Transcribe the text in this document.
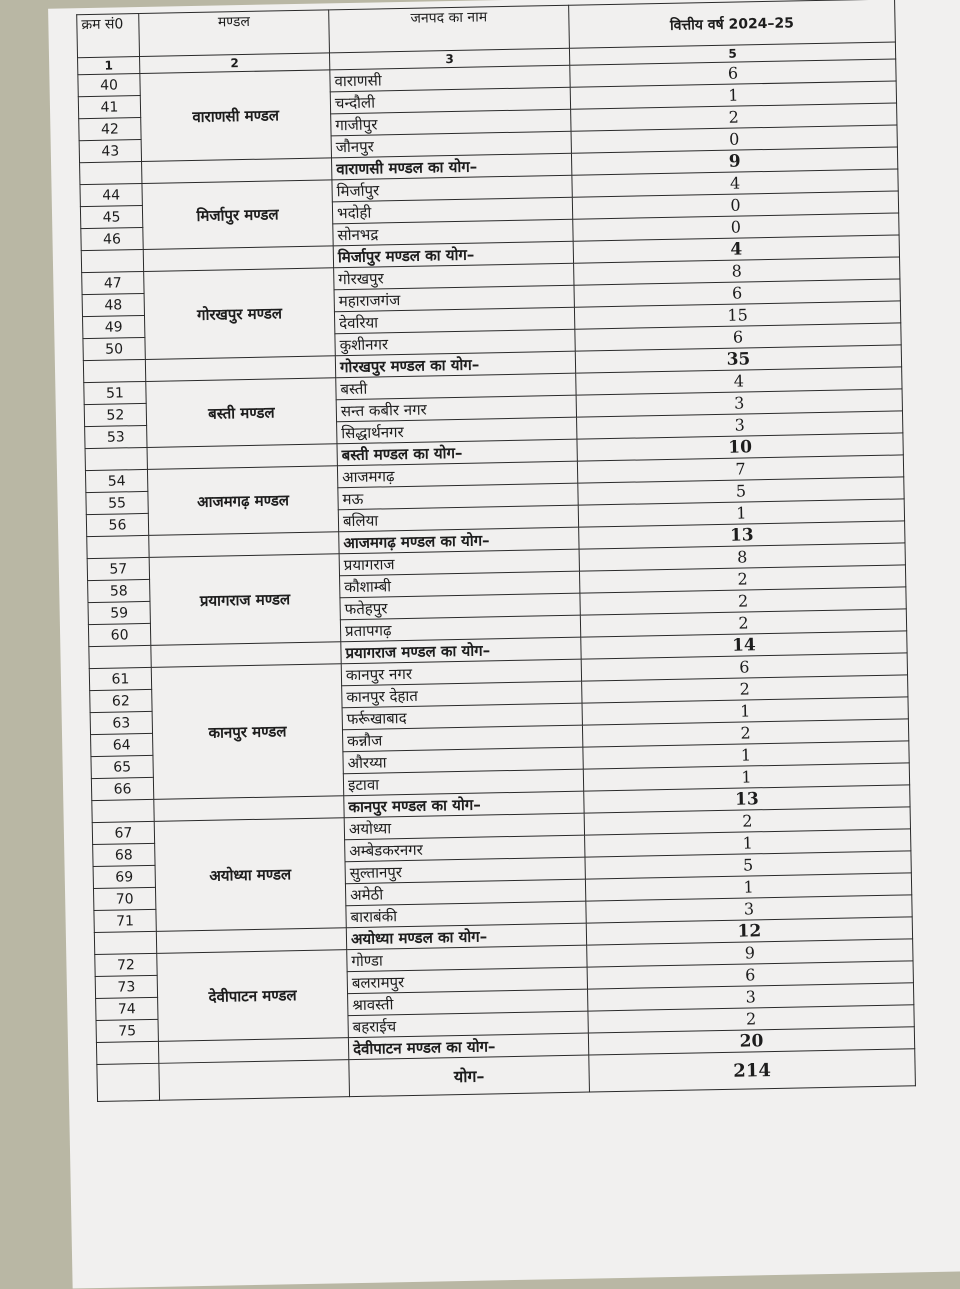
क्रम सं0	मण्डल	जनपद का नाम	वित्तीय वर्ष 2024–25
1	2	3	5
40	वाराणसी मण्डल	वाराणसी	6
41		चन्दौली	1
42		गाजीपुर	2
43		जौनपुर	0
		वाराणसी मण्डल का योग–	9
44	मिर्जापुर मण्डल	मिर्जापुर	4
45		भदोही	0
46		सोनभद्र	0
		मिर्जापुर मण्डल का योग–	4
47	गोरखपुर मण्डल	गोरखपुर	8
48		महाराजगंज	6
49		देवरिया	15
50		कुशीनगर	6
		गोरखपुर मण्डल का योग–	35
51	बस्ती मण्डल	बस्ती	4
52		सन्त कबीर नगर	3
53		सिद्धार्थनगर	3
		बस्ती मण्डल का योग–	10
54	आजमगढ़ मण्डल	आजमगढ़	7
55		मऊ	5
56		बलिया	1
		आजमगढ़ मण्डल का योग–	13
57	प्रयागराज मण्डल	प्रयागराज	8
58		कौशाम्बी	2
59		फतेहपुर	2
60		प्रतापगढ़	2
		प्रयागराज मण्डल का योग–	14
61	कानपुर मण्डल	कानपुर नगर	6
62		कानपुर देहात	2
63		फर्रूखाबाद	1
64		कन्नौज	2
65		औरय्या	1
66		इटावा	1
		कानपुर मण्डल का योग–	13
67	अयोध्या मण्डल	अयोध्या	2
68		अम्बेडकरनगर	1
69		सुल्तानपुर	5
70		अमेठी	1
71		बाराबंकी	3
		अयोध्या मण्डल का योग–	12
72	देवीपाटन मण्डल	गोण्डा	9
73		बलरामपुर	6
74		श्रावस्ती	3
75		बहराईच	2
		देवीपाटन मण्डल का योग–	20
		योग–	214
